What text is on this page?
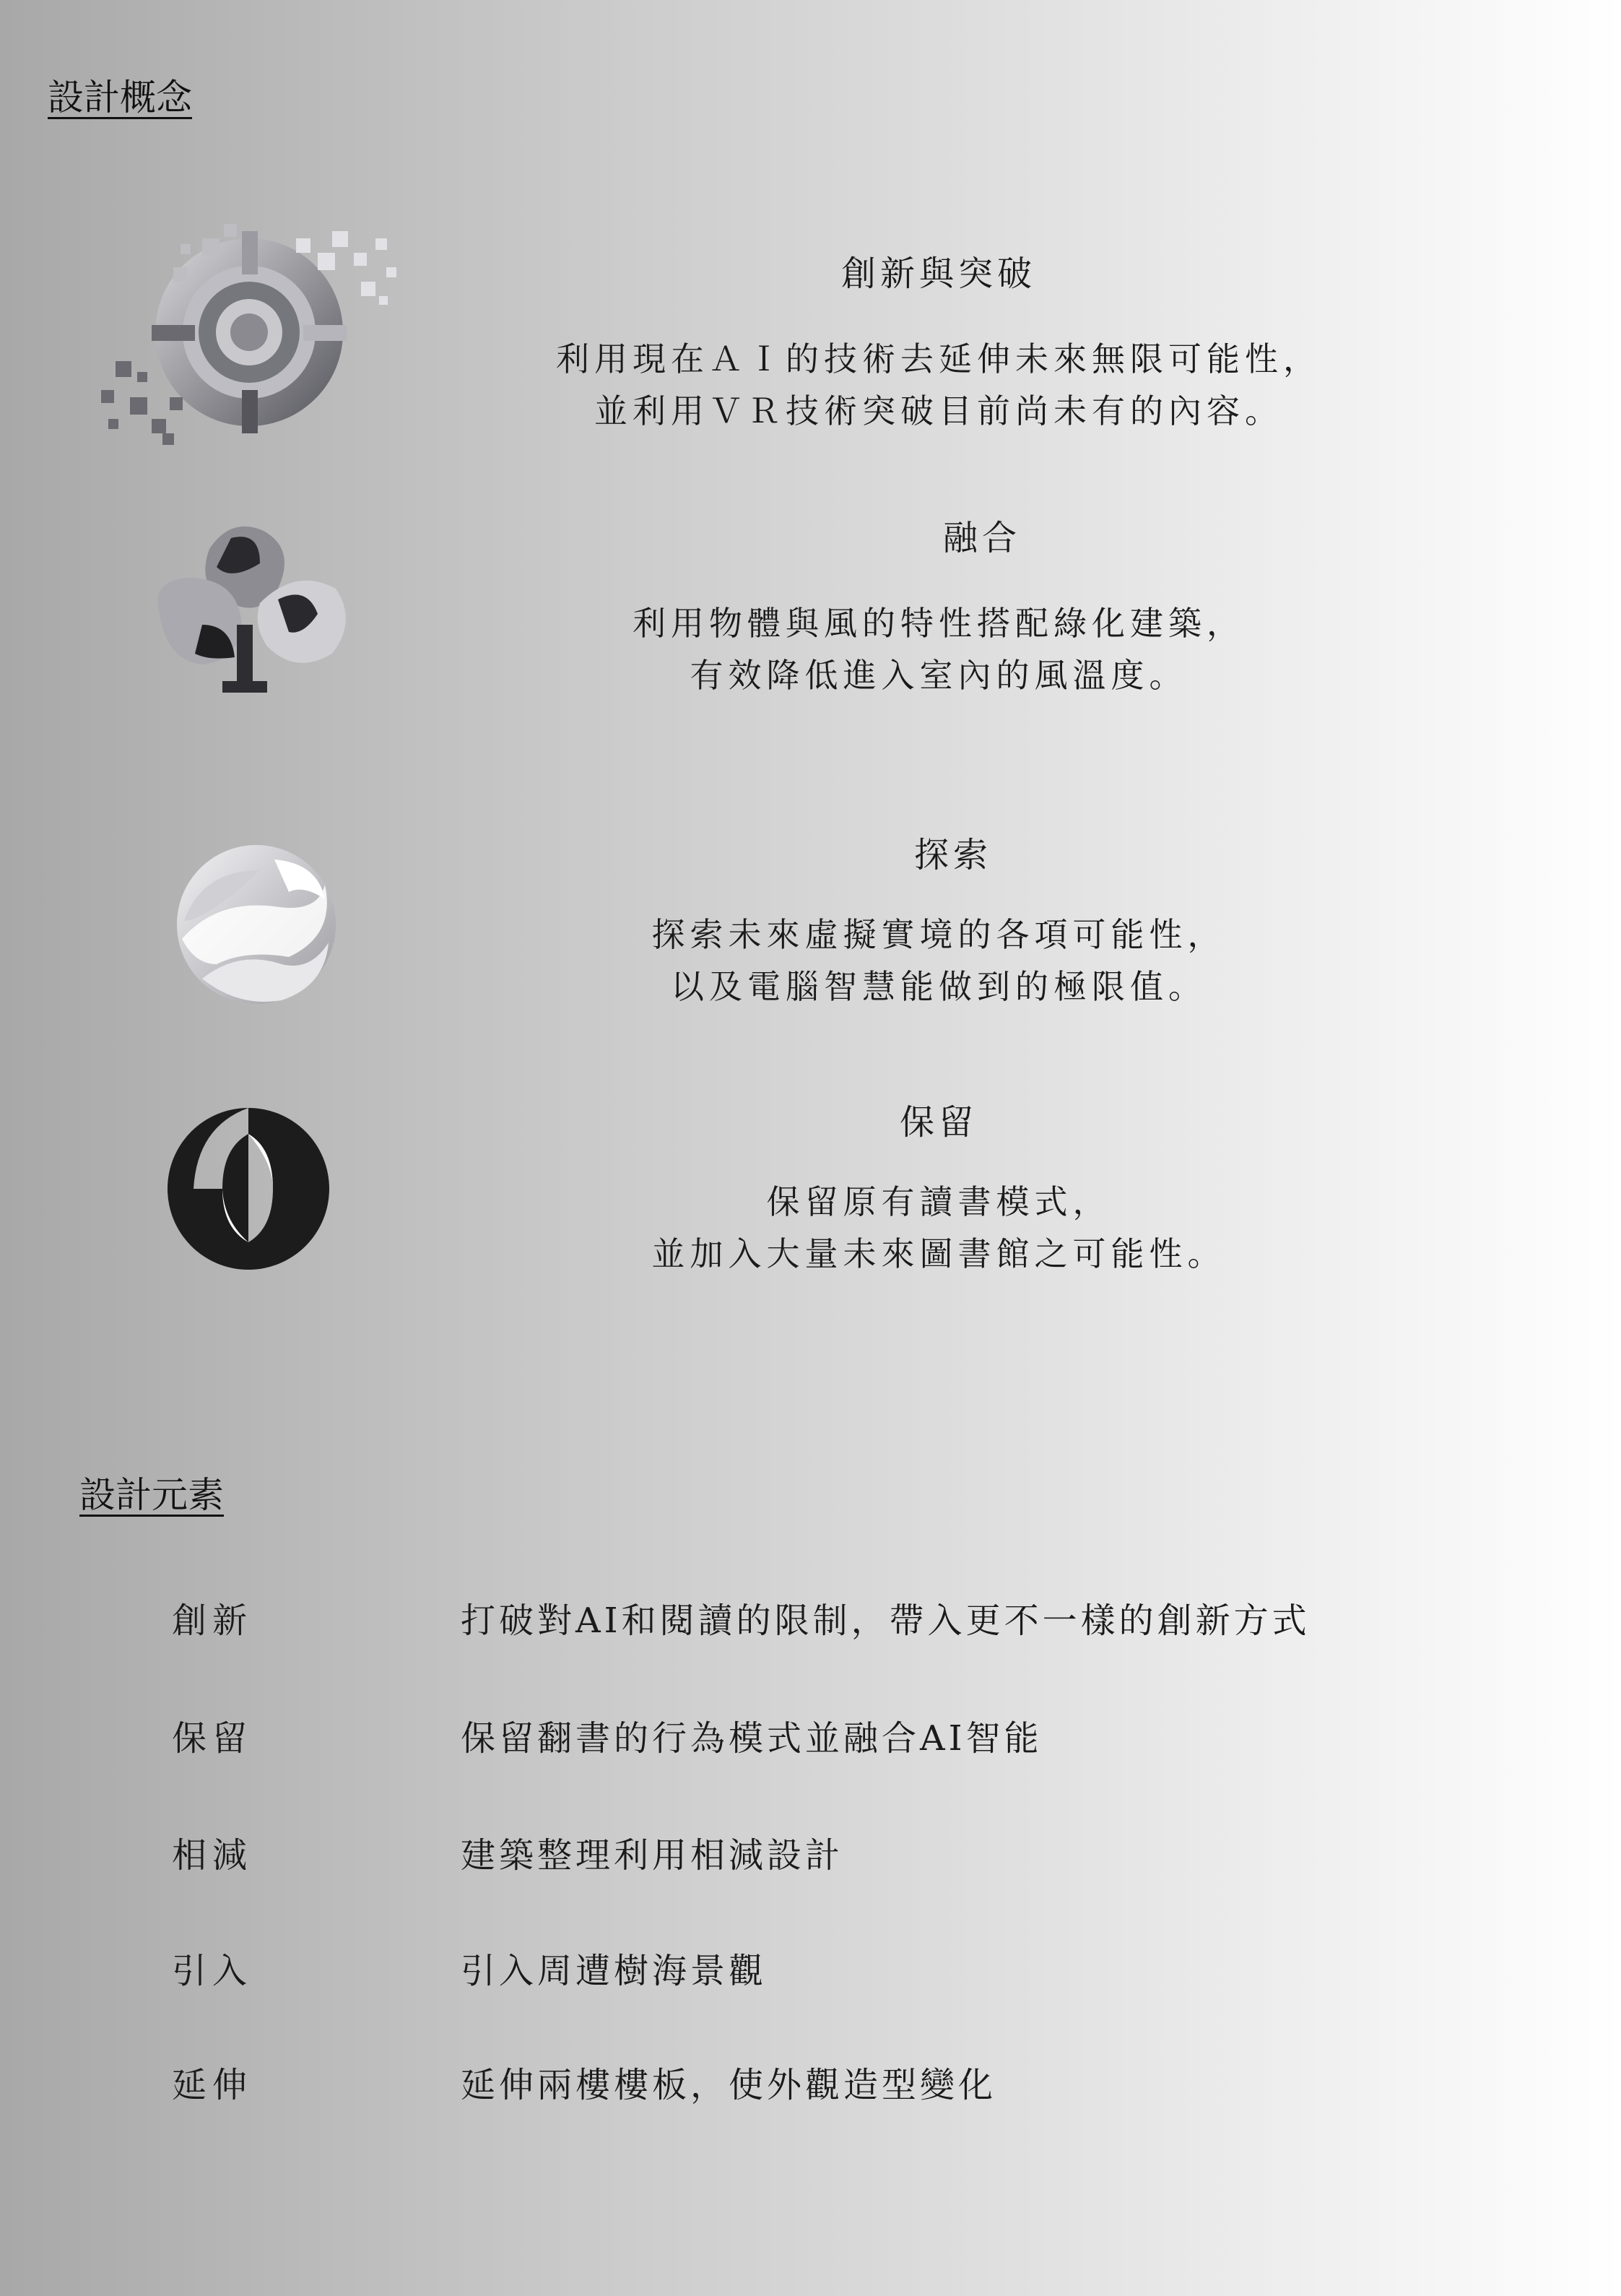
設計概念

創新與突破

利用現在ＡＩ的技術去延伸未來無限可能性，

並利用ＶＲ技術突破目前尚未有的內容。

融合

利用物體與風的特性搭配綠化建築，

有效降低進入室內的風溫度。

探索

探索未來虛擬實境的各項可能性，

以及電腦智慧能做到的極限值。

保留

保留原有讀書模式，

並加入大量未來圖書館之可能性。

設計元素
創新	打破對AI和閱讀的限制，帶入更不一樣的創新方式
保留	保留翻書的行為模式並融合AI智能
相減	建築整理利用相減設計
引入	引入周遭樹海景觀
延伸	延伸兩樓樓板，使外觀造型變化
